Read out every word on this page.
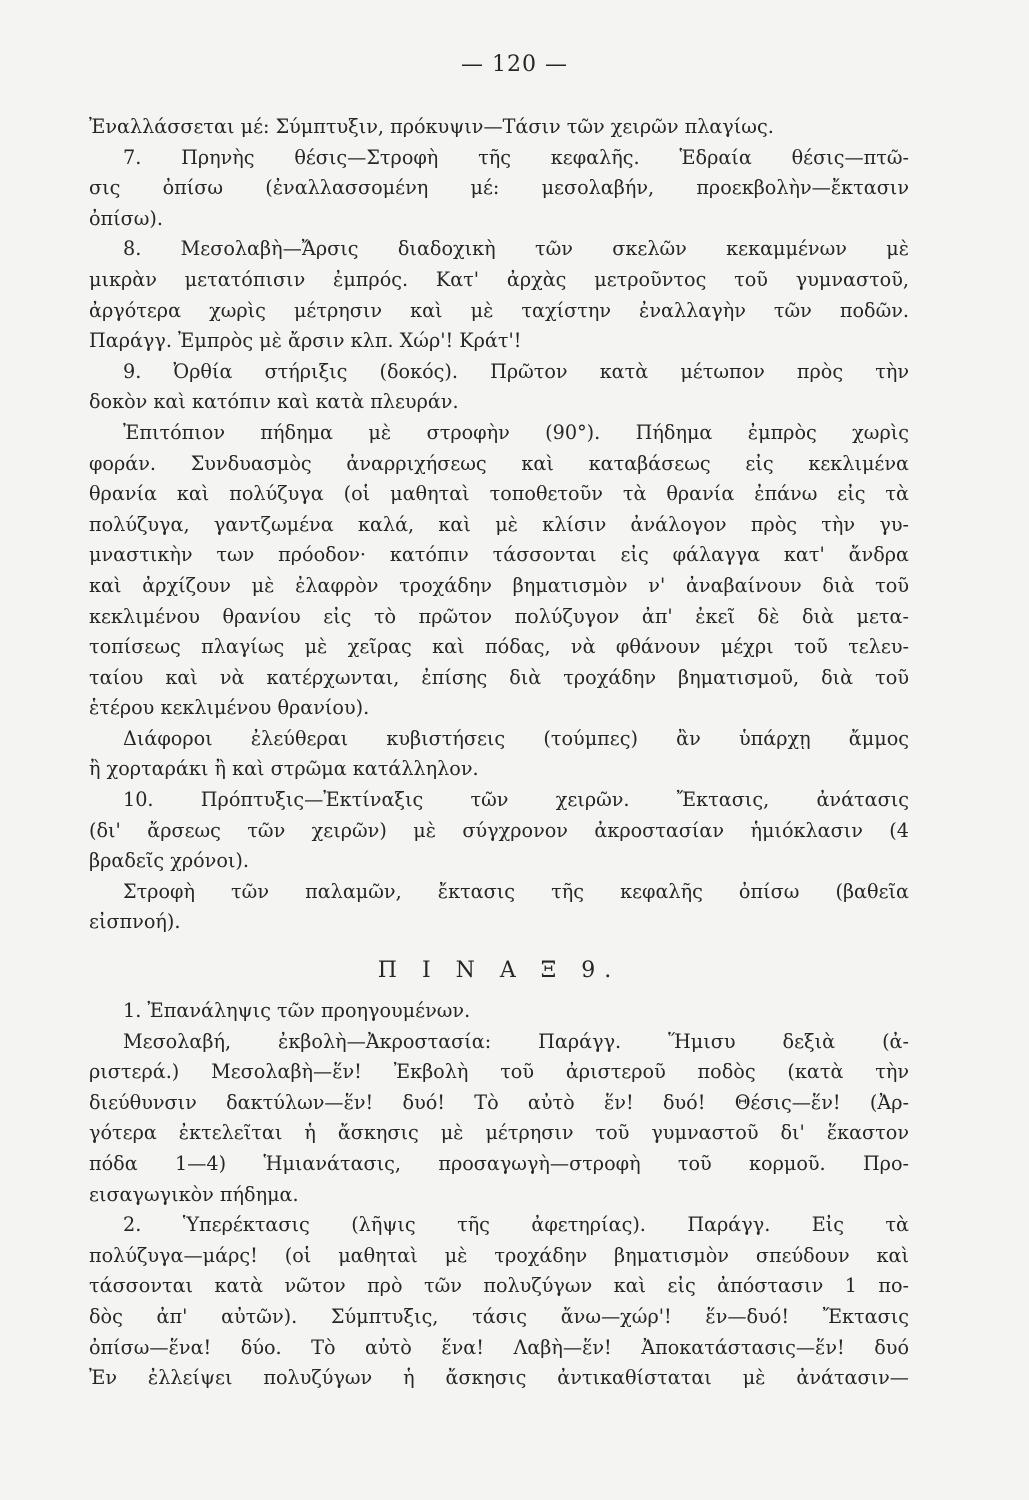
— 120 —
Ἐναλλάσσεται μέ: Σύμπτυξιν, πρόκυψιν—Τάσιν τῶν χειρῶν πλαγίως.
7. Πρηνὴς θέσις—Στροφὴ τῆς κεφαλῆς. Ἑδραία θέσις—πτῶ-
σις ὀπίσω (ἐναλλασσομένη μέ: μεσολαβήν, προεκβολὴν—ἔκτασιν
ὀπίσω).
8. Μεσολαβὴ—Ἄρσις διαδοχικὴ τῶν σκελῶν κεκαμμένων μὲ
μικρὰν μετατόπισιν ἐμπρός. Κατ' ἀρχὰς μετροῦντος τοῦ γυμναστοῦ,
ἀργότερα χωρὶς μέτρησιν καὶ μὲ ταχίστην ἐναλλαγὴν τῶν ποδῶν.
Παράγγ. Ἐμπρὸς μὲ ἄρσιν κλπ. Χώρ'! Κράτ'!
9. Ὀρθία στήριξις (δοκός). Πρῶτον κατὰ μέτωπον πρὸς τὴν
δοκὸν καὶ κατόπιν καὶ κατὰ πλευράν.
Ἐπιτόπιον πήδημα μὲ στροφὴν (90°). Πήδημα ἐμπρὸς χωρὶς
φοράν. Συνδυασμὸς ἀναρριχήσεως καὶ καταβάσεως εἰς κεκλιμένα
θρανία καὶ πολύζυγα (οἱ μαθηταὶ τοποθετοῦν τὰ θρανία ἐπάνω εἰς τὰ
πολύζυγα, γαντζωμένα καλά, καὶ μὲ κλίσιν ἀνάλογον πρὸς τὴν γυ-
μναστικὴν των πρόοδον· κατόπιν τάσσονται εἰς φάλαγγα κατ' ἄνδρα
καὶ ἀρχίζουν μὲ ἐλαφρὸν τροχάδην βηματισμὸν ν' ἀναβαίνουν διὰ τοῦ
κεκλιμένου θρανίου εἰς τὸ πρῶτον πολύζυγον ἀπ' ἐκεῖ δὲ διὰ μετα-
τοπίσεως πλαγίως μὲ χεῖρας καὶ πόδας, νὰ φθάνουν μέχρι τοῦ τελευ-
ταίου καὶ νὰ κατέρχωνται, ἐπίσης διὰ τροχάδην βηματισμοῦ, διὰ τοῦ
ἑτέρου κεκλιμένου θρανίου).
Διάφοροι ἐλεύθεραι κυβιστήσεις (τούμπες) ἂν ὑπάρχῃ ἄμμος
ἢ χορταράκι ἢ καὶ στρῶμα κατάλληλον.
10. Πρόπτυξις—Ἐκτίναξις τῶν χειρῶν. Ἔκτασις, ἀνάτασις
(δι' ἄρσεως τῶν χειρῶν) μὲ σύγχρονον ἀκροστασίαν ἡμιόκλασιν (4
βραδεῖς χρόνοι).
Στροφὴ τῶν παλαμῶν, ἔκτασις τῆς κεφαλῆς ὀπίσω (βαθεῖα
εἰσπνοή).
Π Ι Ν Α Ξ 9.
1. Ἐπανάληψις τῶν προηγουμένων.
Μεσολαβή, ἐκβολὴ—Ἀκροστασία: Παράγγ. Ἥμισυ δεξιὰ (ἀ-
ριστερά.) Μεσολαβὴ—ἕν! Ἐκβολὴ τοῦ ἀριστεροῦ ποδὸς (κατὰ τὴν
διεύθυνσιν δακτύλων—ἕν! δυό! Τὸ αὐτὸ ἕν! δυό! Θέσις—ἕν! (Ἀρ-
γότερα ἐκτελεῖται ἡ ἄσκησις μὲ μέτρησιν τοῦ γυμναστοῦ δι' ἕκαστον
πόδα 1—4) Ἡμιανάτασις, προσαγωγὴ—στροφὴ τοῦ κορμοῦ. Προ-
εισαγωγικὸν πήδημα.
2. Ὑπερέκτασις (λῆψις τῆς ἀφετηρίας). Παράγγ. Εἰς τὰ
πολύζυγα—μάρς! (οἱ μαθηταὶ μὲ τροχάδην βηματισμὸν σπεύδουν καὶ
τάσσονται κατὰ νῶτον πρὸ τῶν πολυζύγων καὶ εἰς ἀπόστασιν 1 πο-
δὸς ἀπ' αὐτῶν). Σύμπτυξις, τάσις ἄνω—χώρ'! ἕν—δυό! Ἔκτασις
ὀπίσω—ἕνα! δύο. Τὸ αὐτὸ ἕνα! Λαβὴ—ἕν! Ἀποκατάστασις—ἕν! δυό
Ἐν ἐλλείψει πολυζύγων ἡ ἄσκησις ἀντικαθίσταται μὲ ἀνάτασιν—
